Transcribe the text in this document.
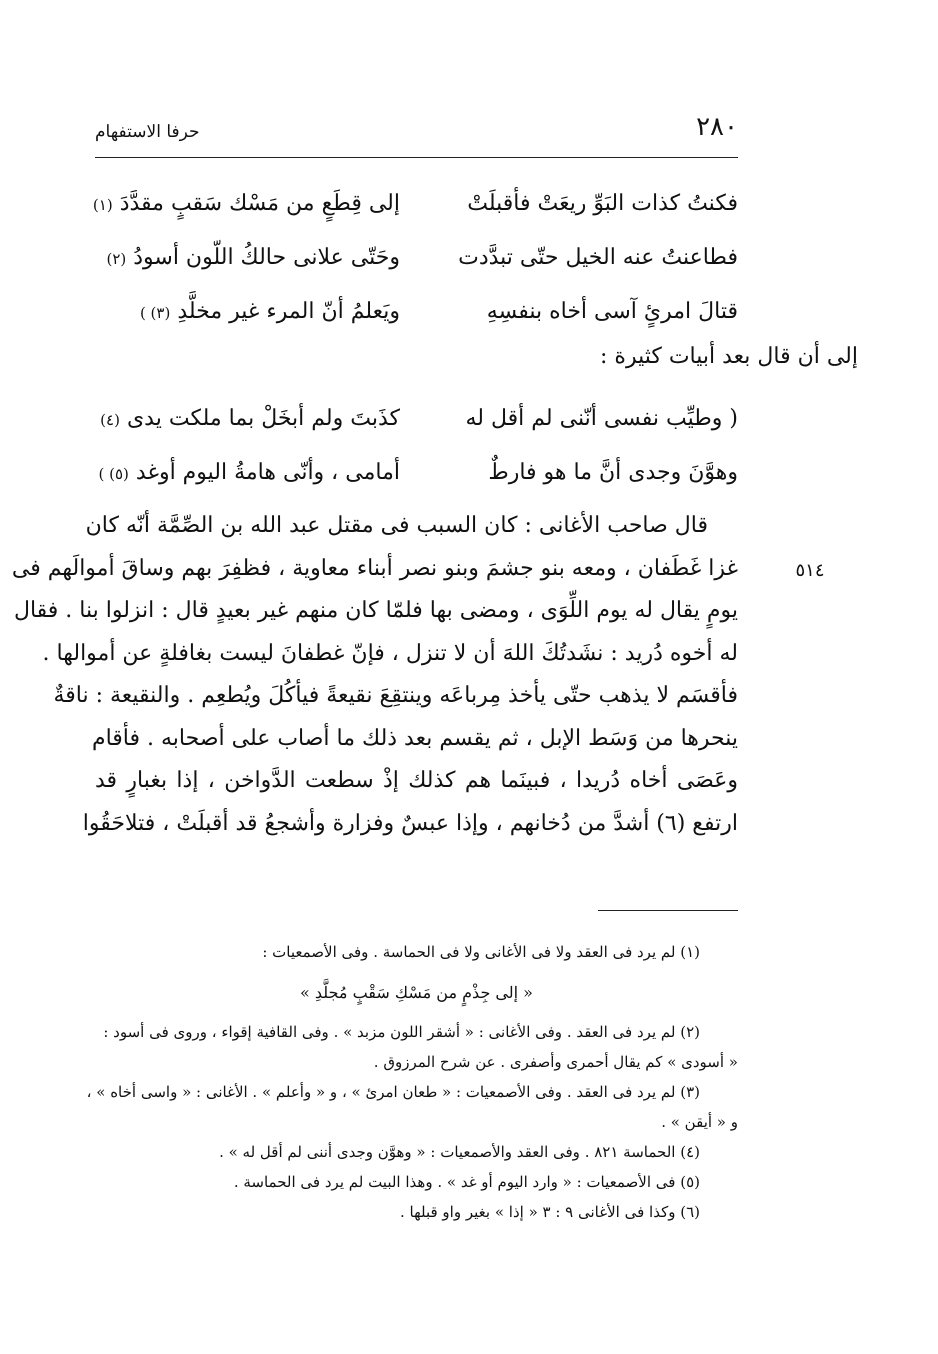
٢٨٠
حرفا الاستفهام
فكنتُ كذات البَوِّ ريعَتْ فأقبلَتْ
إلى قِطَعٍ من مَسْك سَقبٍ مقدَّدَ (١)
فطاعنتُ عنه الخيل حتّى تبدَّدت
وحَتّى علانى حالكُ اللّون أسودُ (٢)
قتالَ امرئٍ آسى أخاه بنفسِهِ
ويَعلمُ أنّ المرء غير مخلَّدِ (٣) )
إلى أن قال بعد أبيات كثيرة :
( وطيِّب نفسى أنّنى لم أقل له
كذَبتَ ولم أبخَلْ بما ملكت يدى (٤)
وهوَّنَ وجدى أنَّ ما هو فارطٌ
أمامى ، وأنّى هامةُ اليوم أوغد (٥) )
قال صاحب الأغانى : كان السبب فى مقتل عبد الله بن الصِّمَّة أنّه كان
غزا غَطَفان ، ومعه بنو جشمَ وبنو نصر أبناء معاوية ، فظفِرَ بهم وساقَ أموالَهم فى
يومٍ يقال له يوم اللِّوَى ، ومضى بها فلمّا كان منهم غير بعيدٍ قال : انزلوا بنا . فقال
له أخوه دُريد : نشَدتُكَ اللهَ أن لا تنزل ، فإنّ غطفانَ ليست بغافلةٍ عن أموالها .
فأقسَم لا يذهب حتّى يأخذ مِرباعَه وينتقِعَ نقيعةً فيأكُلَ ويُطعِم . والنقيعة : ناقةٌ
ينحرها من وَسَط الإبل ، ثم يقسم بعد ذلك ما أصاب على أصحابه . فأقام
وعَصَى أخاه دُريدا ، فبينَما هم كذلك إذْ سطعت الدَّواخن ، إذا بغبارٍ قد
ارتفع (٦) أشدَّ من دُخانهم ، وإذا عبسٌ وفزارة وأشجعُ قد أقبلَتْ ، فتلاحَقُوا
٥١٤
(١) لم يرد فى العقد ولا فى الأغانى ولا فى الحماسة . وفى الأصمعيات :
« إلى جِذْمٍ من مَسْكِ سَقْبٍ مُجلَّدِ »
(٢) لم يرد فى العقد . وفى الأغانى : « أشقر اللون مزبد » . وفى القافية إقواء ، وروى فى أسود :
« أسودى » كم يقال أحمرى وأصفرى . عن شرح المرزوق .
(٣) لم يرد فى العقد . وفى الأصمعيات : « طعان امرئ » ، و « وأعلم » . الأغانى : « واسى أخاه » ،
و « أيقن » .
(٤) الحماسة ٨٢١ . وفى العقد والأصمعيات : « وهوَّن وجدى أننى لم أقل له » .
(٥) فى الأصمعيات : « وارد اليوم أو غد » . وهذا البيت لم يرد فى الحماسة .
(٦) وكذا فى الأغانى ٩ : ٣ « إذا » بغير واو قبلها .
